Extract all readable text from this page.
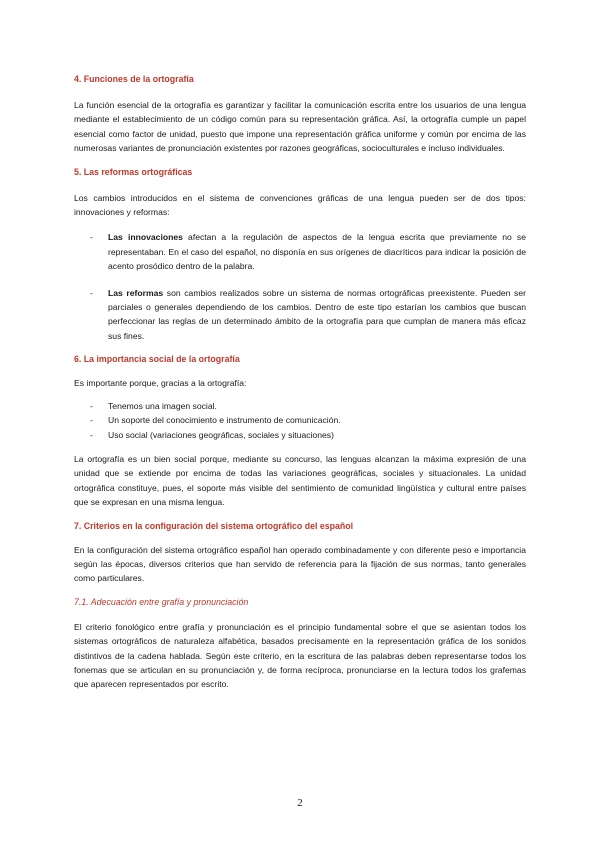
4. Funciones de la ortografía

La función esencial de la ortografía es garantizar y facilitar la comunicación escrita entre los usuarios de una lengua mediante el establecimiento de un código común para su representación gráfica. Así, la ortografía cumple un papel esencial como factor de unidad, puesto que impone una representación gráfica uniforme y común por encima de las numerosas variantes de pronunciación existentes por razones geográficas, socioculturales e incluso individuales.

5. Las reformas ortográficas

Los cambios introducidos en el sistema de convenciones gráficas de una lengua pueden ser de dos tipos: innovaciones y reformas:

- Las innovaciones afectan a la regulación de aspectos de la lengua escrita que previamente no se representaban. En el caso del español, no disponía en sus orígenes de diacríticos para indicar la posición de acento prosódico dentro de la palabra.
- Las reformas son cambios realizados sobre un sistema de normas ortográficas preexistente. Pueden ser parciales o generales dependiendo de los cambios. Dentro de este tipo estarían los cambios que buscan perfeccionar las reglas de un determinado ámbito de la ortografía para que cumplan de manera más eficaz sus fines.
6. La importancia social de la ortografía

Es importante porque, gracias a la ortografía:

- Tenemos una imagen social.
- Un soporte del conocimiento e instrumento de comunicación.
- Uso social (variaciones geográficas, sociales y situaciones)

La ortografía es un bien social porque, mediante su concurso, las lenguas alcanzan la máxima expresión de una unidad que se extiende por encima de todas las variaciones geográficas, sociales y situacionales. La unidad ortográfica constituye, pues, el soporte más visible del sentimiento de comunidad lingüística y cultural entre países que se expresan en una misma lengua.

7. Criterios en la configuración del sistema ortográfico del español

En la configuración del sistema ortográfico español han operado combinadamente y con diferente peso e importancia según las épocas, diversos criterios que han servido de referencia para la fijación de sus normas, tanto generales como particulares.

7.1. Adecuación entre grafía y pronunciación

El criterio fonológico entre grafía y pronunciación es el principio fundamental sobre el que se asientan todos los sistemas ortográficos de naturaleza alfabética, basados precisamente en la representación gráfica de los sonidos distintivos de la cadena hablada. Según este criterio, en la escritura de las palabras deben representarse todos los fonemas que se articulan en su pronunciación y, de forma recíproca, pronunciarse en la lectura todos los grafemas que aparecen representados por escrito.

2
